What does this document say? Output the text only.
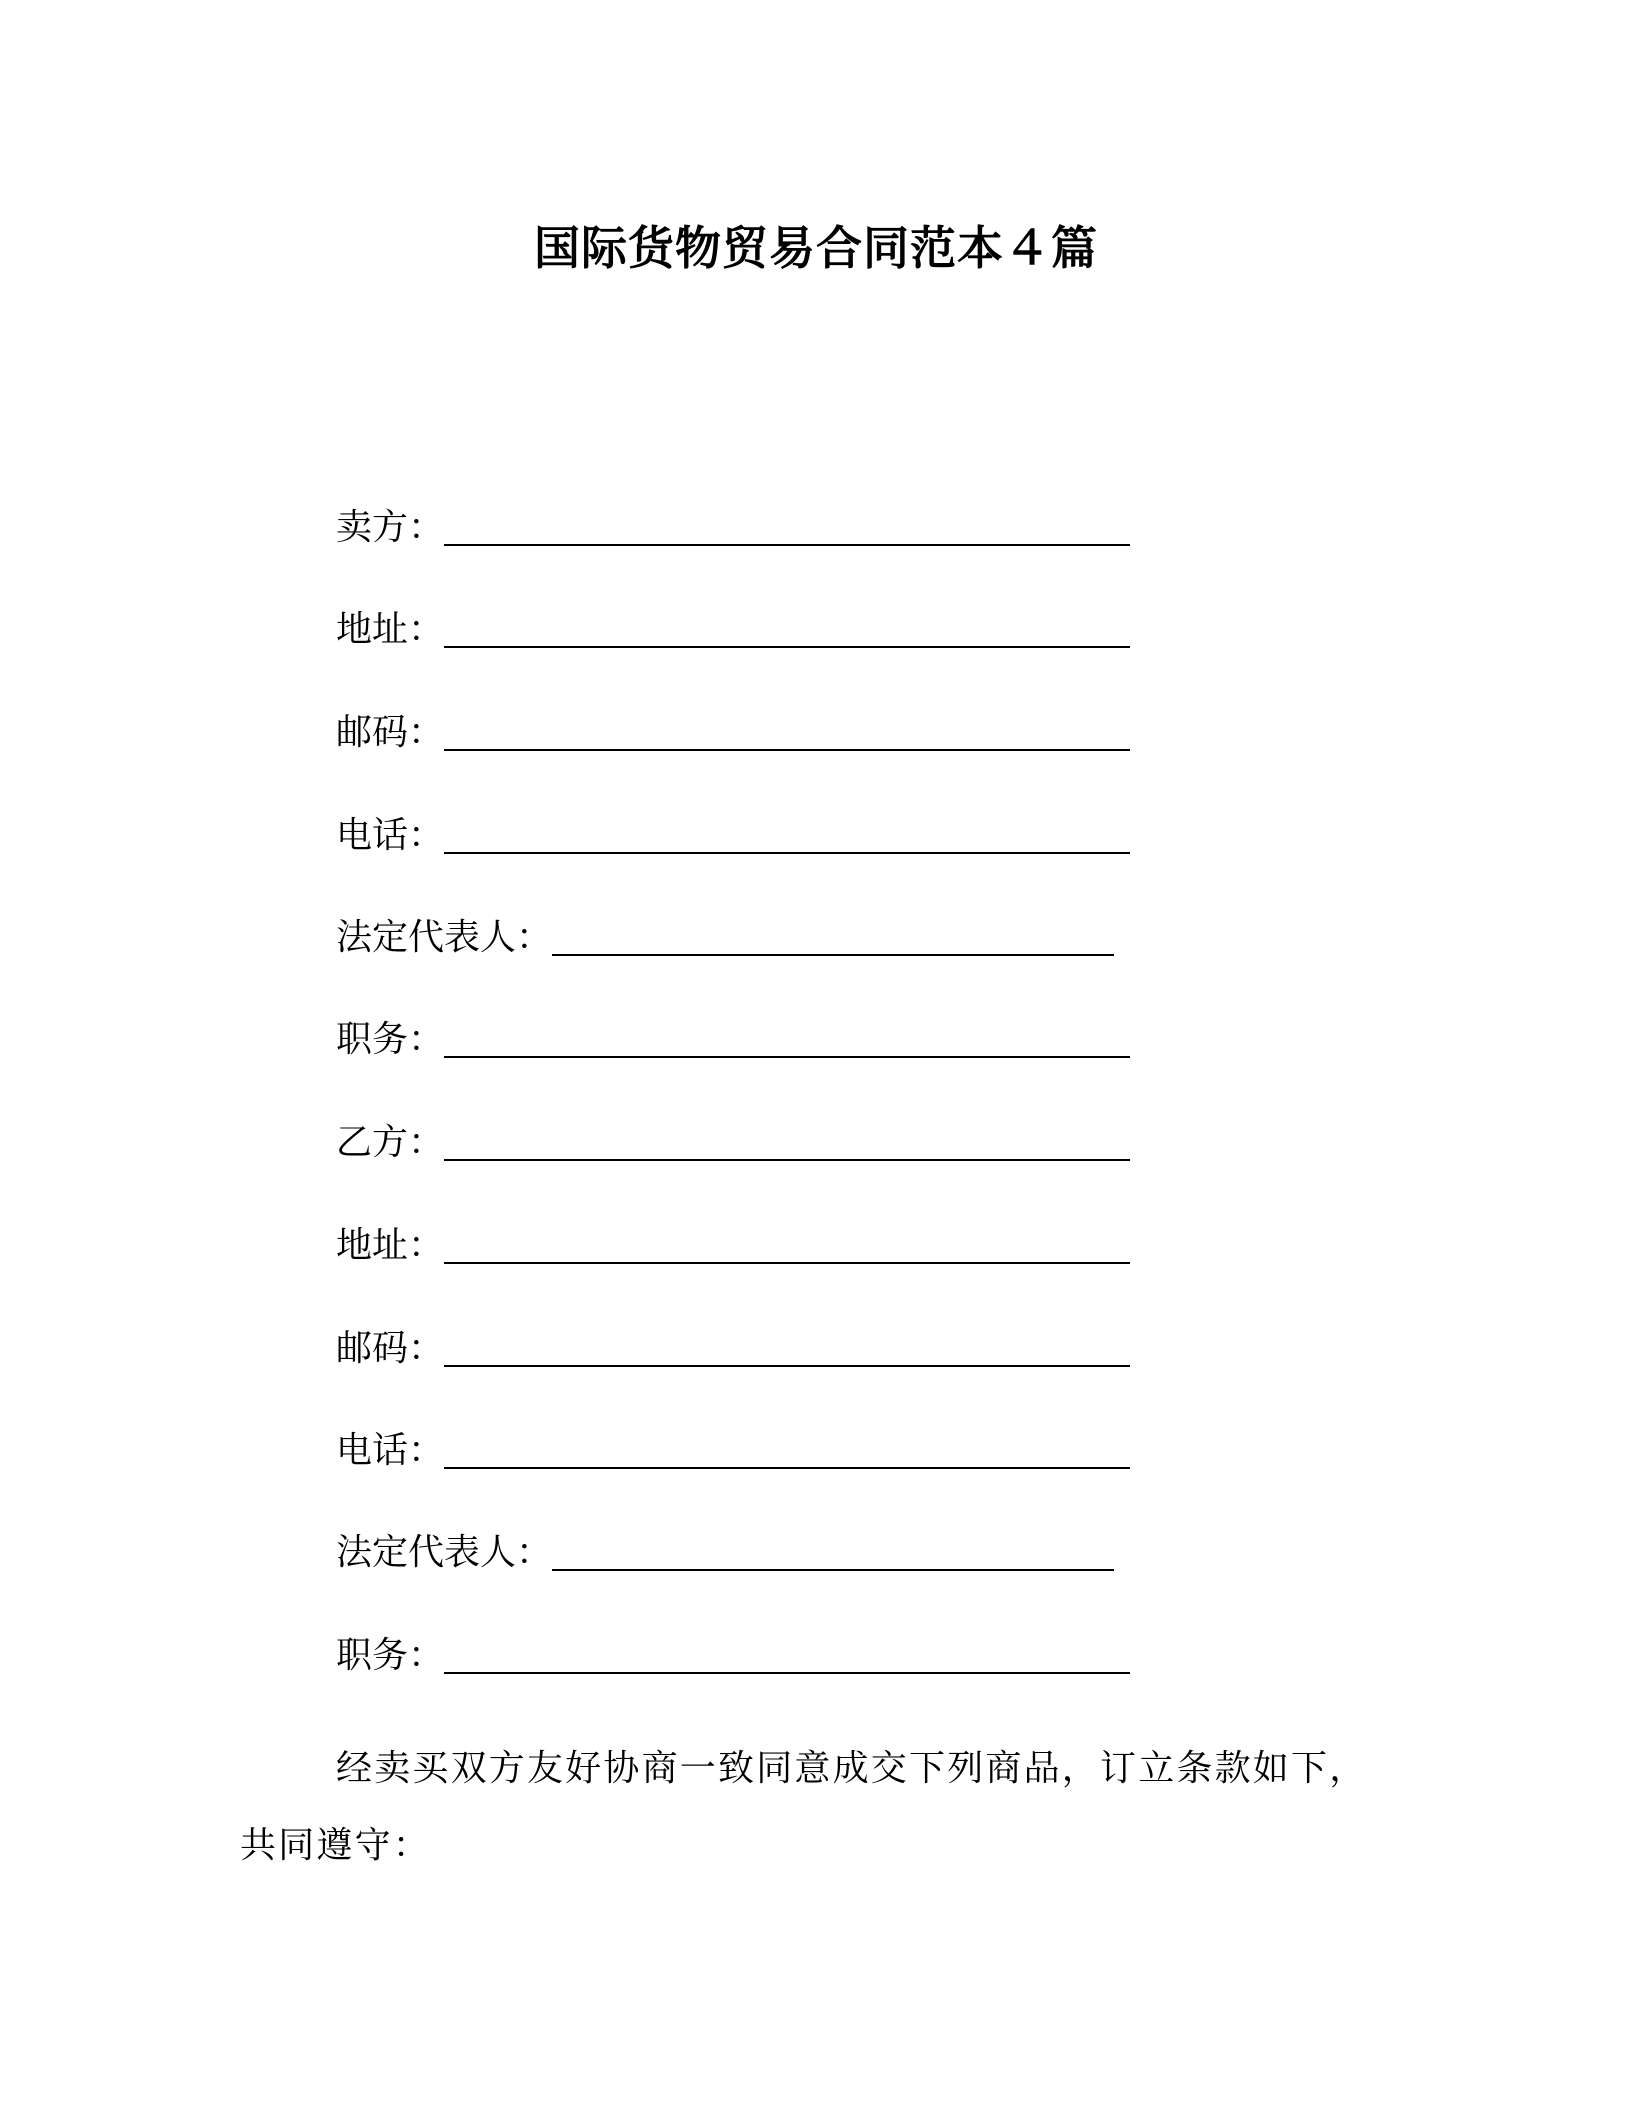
国际货物贸易合同范本４篇
卖方：
地址：
邮码：
电话：
法定代表人：
职务：
乙方：
地址：
邮码：
电话：
法定代表人：
职务：
经卖买双方友好协商一致同意成交下列商品，订立条款如下，共同遵守：
